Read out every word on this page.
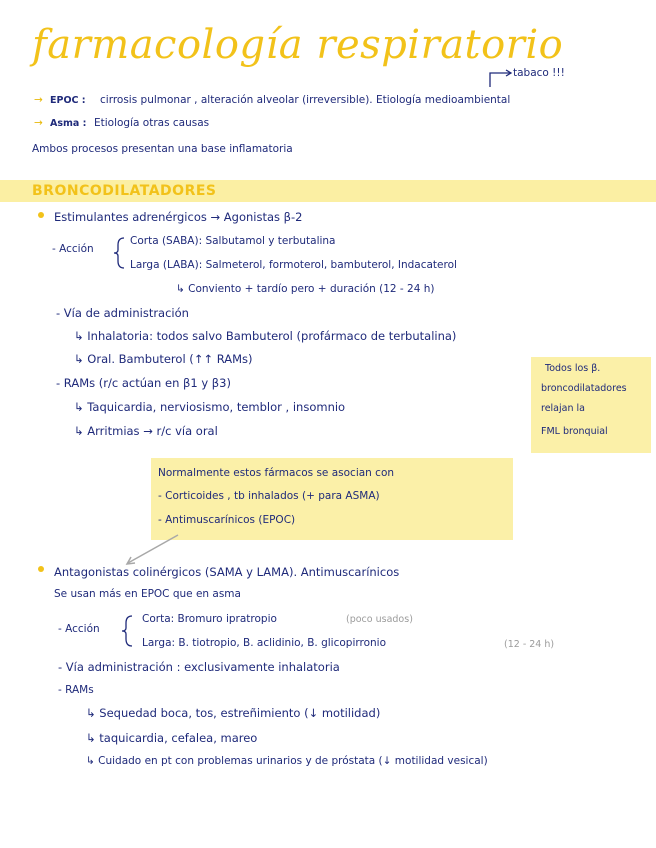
farmacología respiratorio
tabaco !!!
→ EPOC : cirrosis pulmonar , alteración alveolar (irreversible). Etiología medioambiental
→ Asma : Etiología otras causas
Ambos procesos presentan una base inflamatoria
BRONCODILATADORES
Estimulantes adrenérgicos → Agonistas β-2
- Acción
Corta (SABA): Salbutamol y terbutalina
Larga (LABA): Salmeterol, formoterol, bambuterol, Indacaterol
↳ Conviento + tardío pero + duración (12 - 24 h)
- Vía de administración
↳ Inhalatoria: todos salvo Bambuterol (profármaco de terbutalina)
↳ Oral. Bambuterol (↑↑ RAMs)
- RAMs (r/c actúan en β1 y β3)
↳ Taquicardia, nerviosismo, temblor , insomnio
↳ Arritmias → r/c vía oral
Todos los β.
broncodilatadores
relajan la
FML bronquial
Normalmente estos fármacos se asocian con
- Corticoides , tb inhalados (+ para ASMA)
- Antimuscarínicos (EPOC)
Antagonistas colinérgicos (SAMA y LAMA). Antimuscarínicos
Se usan más en EPOC que en asma
- Acción
Corta: Bromuro ipratropio	(poco usados)
Larga: B. tiotropio, B. aclidinio, B. glicopirronio	(12 - 24 h)
- Vía administración : exclusivamente inhalatoria
- RAMs
↳ Sequedad boca, tos, estreñimiento (↓ motilidad)
↳ taquicardia, cefalea, mareo
↳ Cuidado en pt con problemas urinarios y de próstata (↓ motilidad vesical)
